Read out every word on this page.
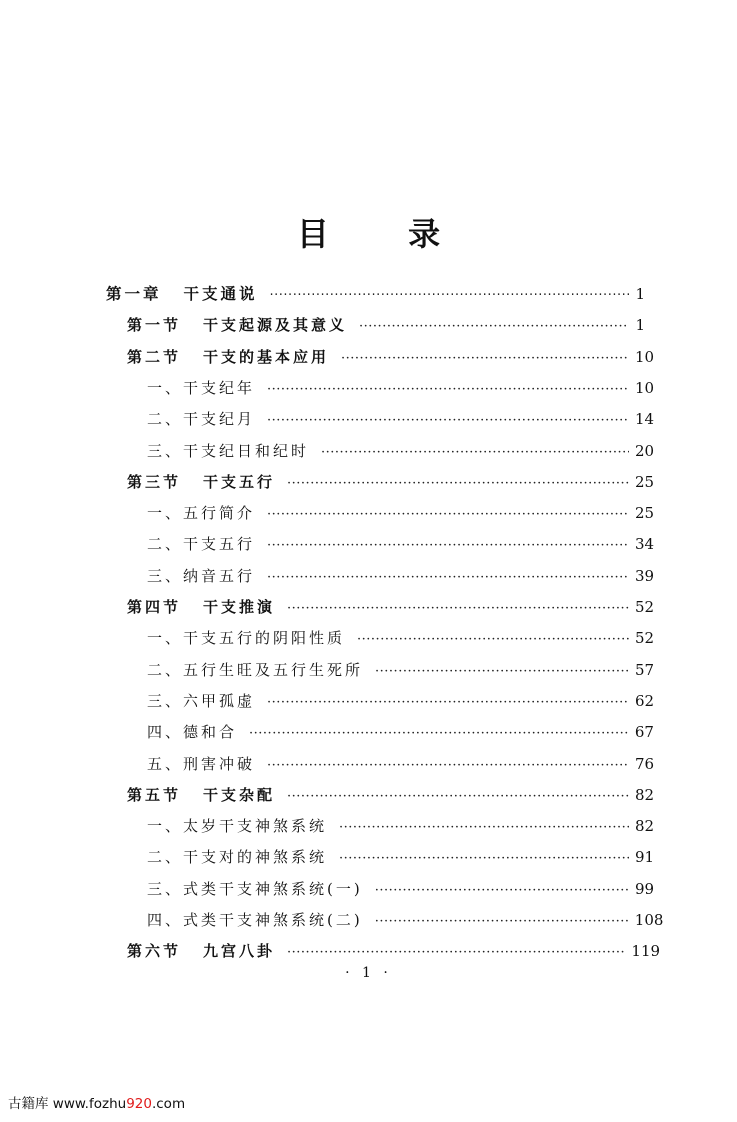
目 录
第一章 干支通说 ·····	1
第一节 干支起源及其意义 ·····	1
第二节 干支的基本应用 ·····	10
一、干支纪年 ·····	10
二、干支纪月 ·····	14
三、干支纪日和纪时 ·····	20
第三节 干支五行 ·····	25
一、五行简介 ·····	25
二、干支五行 ·····	34
三、纳音五行 ·····	39
第四节 干支推演 ·····	52
一、干支五行的阴阳性质 ·····	52
二、五行生旺及五行生死所 ·····	57
三、六甲孤虚 ·····	62
四、德和合 ·····	67
五、刑害冲破 ·····	76
第五节 干支杂配 ·····	82
一、太岁干支神煞系统 ·····	82
二、干支对的神煞系统 ·····	91
三、式类干支神煞系统(一) ·····	99
四、式类干支神煞系统(二) ·····	108
第六节 九宫八卦 ·····	119
· 1 ·
古籍库 www.fozhu920.com
